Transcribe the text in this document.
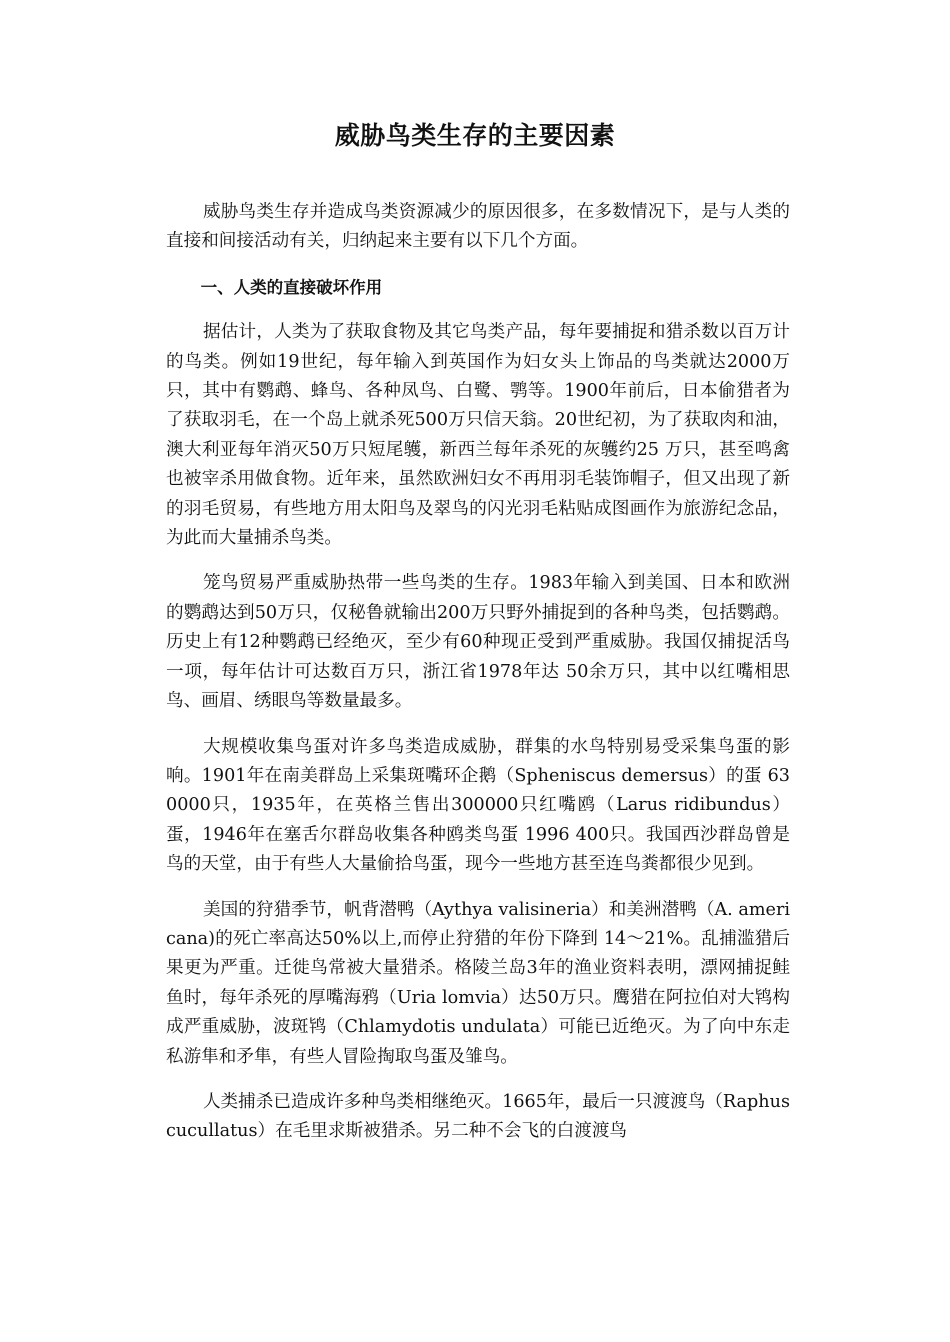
威胁鸟类生存的主要因素

威胁鸟类生存并造成鸟类资源减少的原因很多，在多数情况下，是与人类的直接和间接活动有关，归纳起来主要有以下几个方面。

一、人类的直接破坏作用

据估计，人类为了获取食物及其它鸟类产品，每年要捕捉和猎杀数以百万计的鸟类。例如19世纪，每年输入到英国作为妇女头上饰品的鸟类就达2000万只，其中有鹦鹉、蜂鸟、各种凤鸟、白鹭、鹗等。1900年前后，日本偷猎者为了获取羽毛，在一个岛上就杀死500万只信天翁。20世纪初，为了获取肉和油，澳大利亚每年消灭50万只短尾鹱，新西兰每年杀死的灰鹱约25 万只，甚至鸣禽也被宰杀用做食物。近年来，虽然欧洲妇女不再用羽毛装饰帽子，但又出现了新的羽毛贸易，有些地方用太阳鸟及翠鸟的闪光羽毛粘贴成图画作为旅游纪念品，为此而大量捕杀鸟类。

笼鸟贸易严重威胁热带一些鸟类的生存。1983年输入到美国、日本和欧洲的鹦鹉达到50万只，仅秘鲁就输出200万只野外捕捉到的各种鸟类，包括鹦鹉。历史上有12种鹦鹉已经绝灭，至少有60种现正受到严重威胁。我国仅捕捉活鸟一项，每年估计可达数百万只，浙江省1978年达 50余万只，其中以红嘴相思鸟、画眉、绣眼鸟等数量最多。

大规模收集鸟蛋对许多鸟类造成威胁，群集的水鸟特别易受采集鸟蛋的影响。1901年在南美群岛上采集斑嘴环企鹅（Spheniscus demersus）的蛋 630000只，1935年，在英格兰售出300000只红嘴鸥（Larus ridibundus）蛋，1946年在塞舌尔群岛收集各种鸥类鸟蛋 1996 400只。我国西沙群岛曾是鸟的天堂，由于有些人大量偷拾鸟蛋，现今一些地方甚至连鸟粪都很少见到。

美国的狩猎季节，帆背潜鸭（Aythya valisineria）和美洲潜鸭（A. americana)的死亡率高达50%以上,而停止狩猎的年份下降到 14～21%。乱捕滥猎后果更为严重。迁徙鸟常被大量猎杀。格陵兰岛3年的渔业资料表明，漂网捕捉鲑鱼时，每年杀死的厚嘴海鸦（Uria lomvia）达50万只。鹰猎在阿拉伯对大鸨构成严重威胁，波斑鸨（Chlamydotis undulata）可能已近绝灭。为了向中东走私游隼和矛隼，有些人冒险掏取鸟蛋及雏鸟。

人类捕杀已造成许多种鸟类相继绝灭。1665年，最后一只渡渡鸟（Raphus cucullatus）在毛里求斯被猎杀。另二种不会飞的白渡渡鸟
